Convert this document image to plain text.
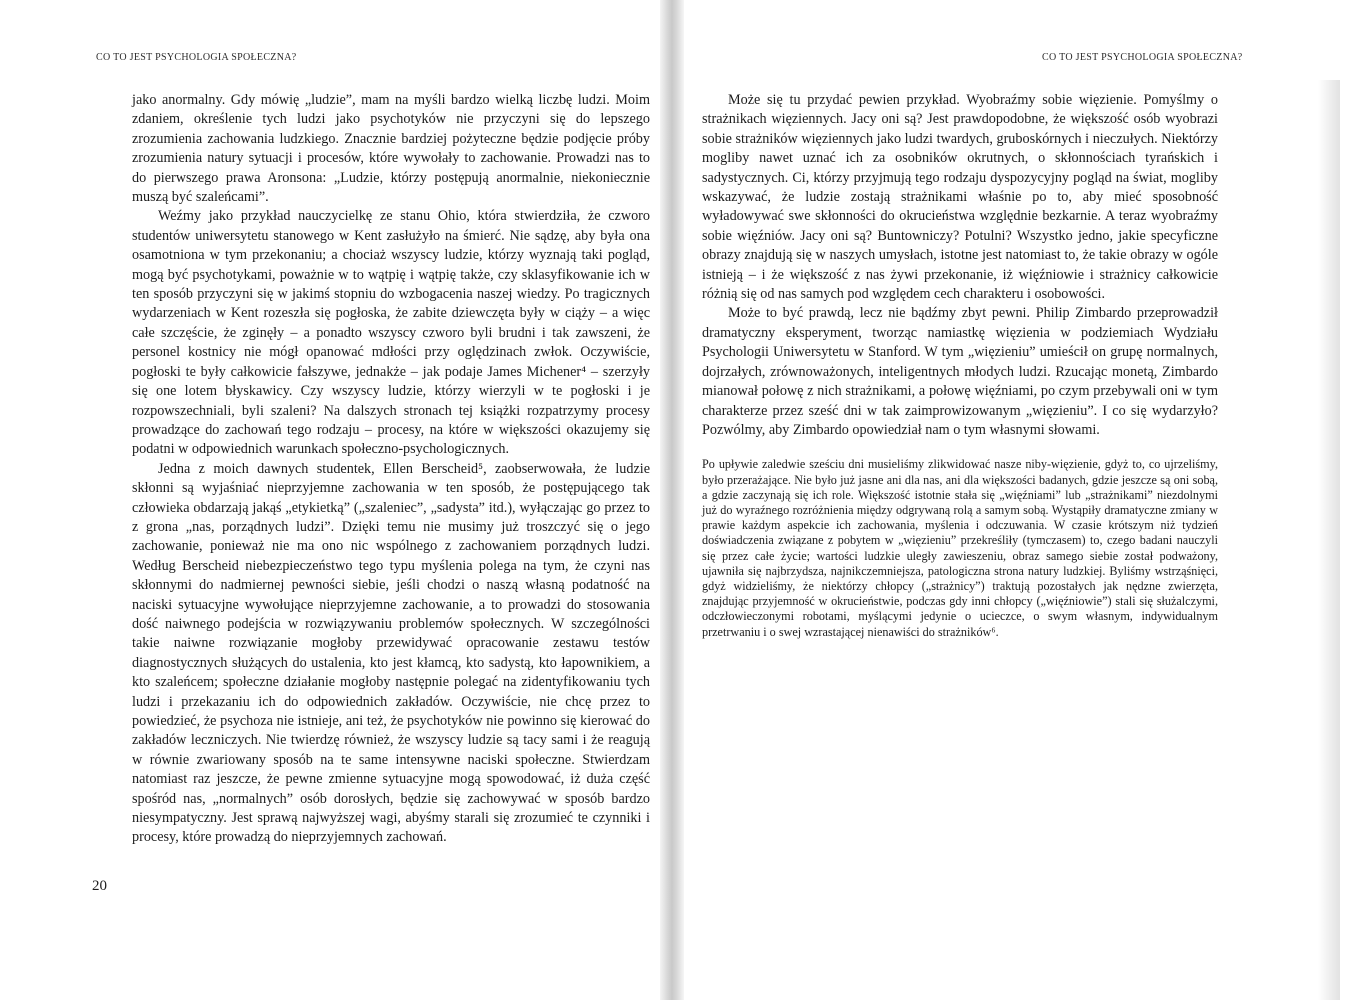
CO TO JEST PSYCHOLOGIA SPOŁECZNA?	CO TO JEST PSYCHOLOGIA SPOŁECZNA?

jako anormalny. Gdy mówię „ludzie”, mam na myśli bardzo wielką liczbę ludzi. Moim zdaniem, określenie tych ludzi jako psychotyków nie przyczyni się do lepszego zrozumienia zachowania ludzkiego. Znacznie bardziej pożyteczne będzie podjęcie próby zrozumienia natury sytuacji i procesów, które wywołały to zachowanie. Prowadzi nas to do pierwszego prawa Aronsona: „Ludzie, którzy postępują anormalnie, niekoniecznie muszą być szaleńcami”.

Weźmy jako przykład nauczycielkę ze stanu Ohio, która stwierdziła, że czworo studentów uniwersytetu stanowego w Kent zasłużyło na śmierć. Nie sądzę, aby była ona osamotniona w tym przekonaniu; a chociaż wszyscy ludzie, którzy wyznają taki pogląd, mogą być psychotykami, poważnie w to wątpię i wątpię także, czy sklasyfikowanie ich w ten sposób przyczyni się w jakimś stopniu do wzbogacenia naszej wiedzy. Po tragicznych wydarzeniach w Kent rozeszła się pogłoska, że zabite dziewczęta były w ciąży – a więc całe szczęście, że zginęły – a ponadto wszyscy czworo byli brudni i tak zawszeni, że personel kostnicy nie mógł opanować mdłości przy oględzinach zwłok. Oczywiście, pogłoski te były całkowicie fałszywe, jednakże – jak podaje James Michener⁴ – szerzyły się one lotem błyskawicy. Czy wszyscy ludzie, którzy wierzyli w te pogłoski i je rozpowszechniali, byli szaleni? Na dalszych stronach tej książki rozpatrzymy procesy prowadzące do zachowań tego rodzaju – procesy, na które w większości okazujemy się podatni w odpowiednich warunkach społeczno-psychologicznych.

Jedna z moich dawnych studentek, Ellen Berscheid⁵, zaobserwowała, że ludzie skłonni są wyjaśniać nieprzyjemne zachowania w ten sposób, że postępującego tak człowieka obdarzają jakąś „etykietką” („szaleniec”, „sadysta” itd.), wyłączając go przez to z grona „nas, porządnych ludzi”. Dzięki temu nie musimy już troszczyć się o jego zachowanie, ponieważ nie ma ono nic wspólnego z zachowaniem porządnych ludzi. Według Berscheid niebezpieczeństwo tego typu myślenia polega na tym, że czyni nas skłonnymi do nadmiernej pewności siebie, jeśli chodzi o naszą własną podatność na naciski sytuacyjne wywołujące nieprzyjemne zachowanie, a to prowadzi do stosowania dość naiwnego podejścia w rozwiązywaniu problemów społecznych. W szczególności takie naiwne rozwiązanie mogłoby przewidywać opracowanie zestawu testów diagnostycznych służących do ustalenia, kto jest kłamcą, kto sadystą, kto łapownikiem, a kto szaleńcem; społeczne działanie mogłoby następnie polegać na zidentyfikowaniu tych ludzi i przekazaniu ich do odpowiednich zakładów. Oczywiście, nie chcę przez to powiedzieć, że psychoza nie istnieje, ani też, że psychotyków nie powinno się kierować do zakładów leczniczych. Nie twierdzę również, że wszyscy ludzie są tacy sami i że reagują w równie zwariowany sposób na te same intensywne naciski społeczne. Stwierdzam natomiast raz jeszcze, że pewne zmienne sytuacyjne mogą spowodować, iż duża część spośród nas, „normalnych” osób dorosłych, będzie się zachowywać w sposób bardzo niesympatyczny. Jest sprawą najwyższej wagi, abyśmy starali się zrozumieć te czynniki i procesy, które prowadzą do nieprzyjemnych zachowań.

20

Może się tu przydać pewien przykład. Wyobraźmy sobie więzienie. Pomyślmy o strażnikach więziennych. Jacy oni są? Jest prawdopodobne, że większość osób wyobrazi sobie strażników więziennych jako ludzi twardych, gruboskórnych i nieczułych. Niektórzy mogliby nawet uznać ich za osobników okrutnych, o skłonnościach tyrańskich i sadystycznych. Ci, którzy przyjmują tego rodzaju dyspozycyjny pogląd na świat, mogliby wskazywać, że ludzie zostają strażnikami właśnie po to, aby mieć sposobność wyładowywać swe skłonności do okrucieństwa względnie bezkarnie. A teraz wyobraźmy sobie więźniów. Jacy oni są? Buntowniczy? Potulni? Wszystko jedno, jakie specyficzne obrazy znajdują się w naszych umysłach, istotne jest natomiast to, że takie obrazy w ogóle istnieją – i że większość z nas żywi przekonanie, iż więźniowie i strażnicy całkowicie różnią się od nas samych pod względem cech charakteru i osobowości.

Może to być prawdą, lecz nie bądźmy zbyt pewni. Philip Zimbardo przeprowadził dramatyczny eksperyment, tworząc namiastkę więzienia w podziemiach Wydziału Psychologii Uniwersytetu w Stanford. W tym „więzieniu” umieścił on grupę normalnych, dojrzałych, zrównoważonych, inteligentnych młodych ludzi. Rzucając monetą, Zimbardo mianował połowę z nich strażnikami, a połowę więźniami, po czym przebywali oni w tym charakterze przez sześć dni w tak zaimprowizowanym „więzieniu”. I co się wydarzyło? Pozwólmy, aby Zimbardo opowiedział nam o tym własnymi słowami.

Po upływie zaledwie sześciu dni musieliśmy zlikwidować nasze niby-więzienie, gdyż to, co ujrzeliśmy, było przerażające. Nie było już jasne ani dla nas, ani dla większości badanych, gdzie jeszcze są oni sobą, a gdzie zaczynają się ich role. Większość istotnie stała się „więźniami” lub „strażnikami” niezdolnymi już do wyraźnego rozróżnienia między odgrywaną rolą a samym sobą. Wystąpiły dramatyczne zmiany w prawie każdym aspekcie ich zachowania, myślenia i odczuwania. W czasie krótszym niż tydzień doświadczenia związane z pobytem w „więzieniu” przekreśliły (tymczasem) to, czego badani nauczyli się przez całe życie; wartości ludzkie uległy zawieszeniu, obraz samego siebie został podważony, ujawniła się najbrzydsza, najnikczemniejsza, patologiczna strona natury ludzkiej. Byliśmy wstrząśnięci, gdyż widzieliśmy, że niektórzy chłopcy („strażnicy”) traktują pozostałych jak nędzne zwierzęta, znajdując przyjemność w okrucieństwie, podczas gdy inni chłopcy („więźniowie”) stali się służalczymi, odczłowieczonymi robotami, myślącymi jedynie o ucieczce, o swym własnym, indywidualnym przetrwaniu i o swej wzrastającej nienawiści do strażników⁶.
